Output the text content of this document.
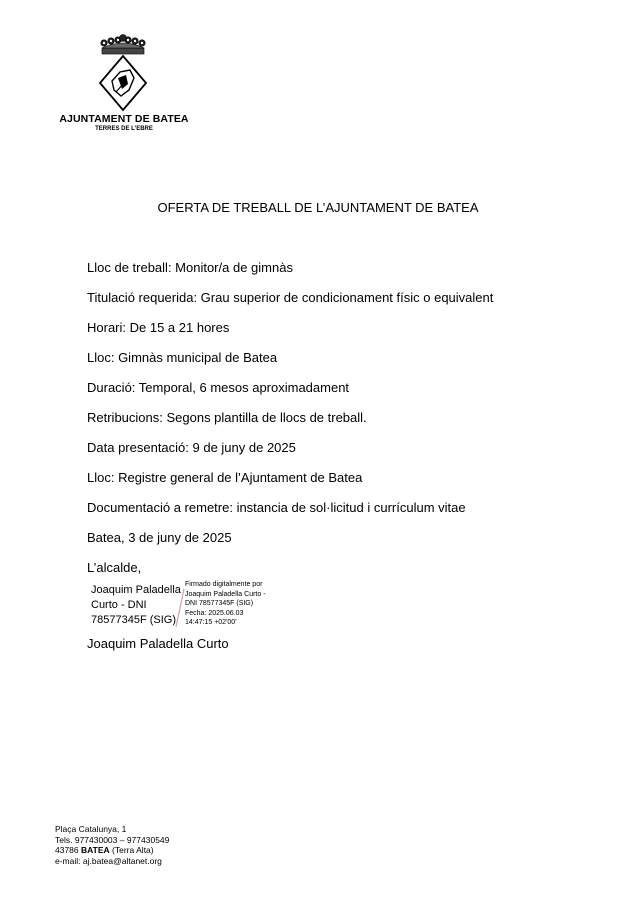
AJUNTAMENT DE BATEA
TERRES DE L'EBRE
OFERTA DE TREBALL DE L’AJUNTAMENT DE BATEA
Lloc de treball: Monitor/a de gimnàs
Titulació requerida: Grau superior de condicionament físic o equivalent
Horari: De 15 a 21 hores
Lloc: Gimnàs municipal de Batea
Duració: Temporal, 6 mesos aproximadament
Retribucions: Segons plantilla de llocs de treball.
Data presentació: 9 de juny de 2025
Lloc: Registre general de l’Ajuntament de Batea
Documentació a remetre: instancia de sol·licitud i currículum vitae
Batea, 3 de juny de 2025
L’alcalde,
Joaquim Paladella
Curto - DNI
78577345F (SIG)
Firmado digitalmente por
Joaquim Paladella Curto -
DNI 78577345F (SIG)
Fecha: 2025.06.03
14:47:15 +02'00'
Joaquim Paladella Curto
Plaça Catalunya, 1
Tels. 977430003 – 977430549
43786 BATEA (Terra Alta)
e-mail: aj.batea@altanet.org
